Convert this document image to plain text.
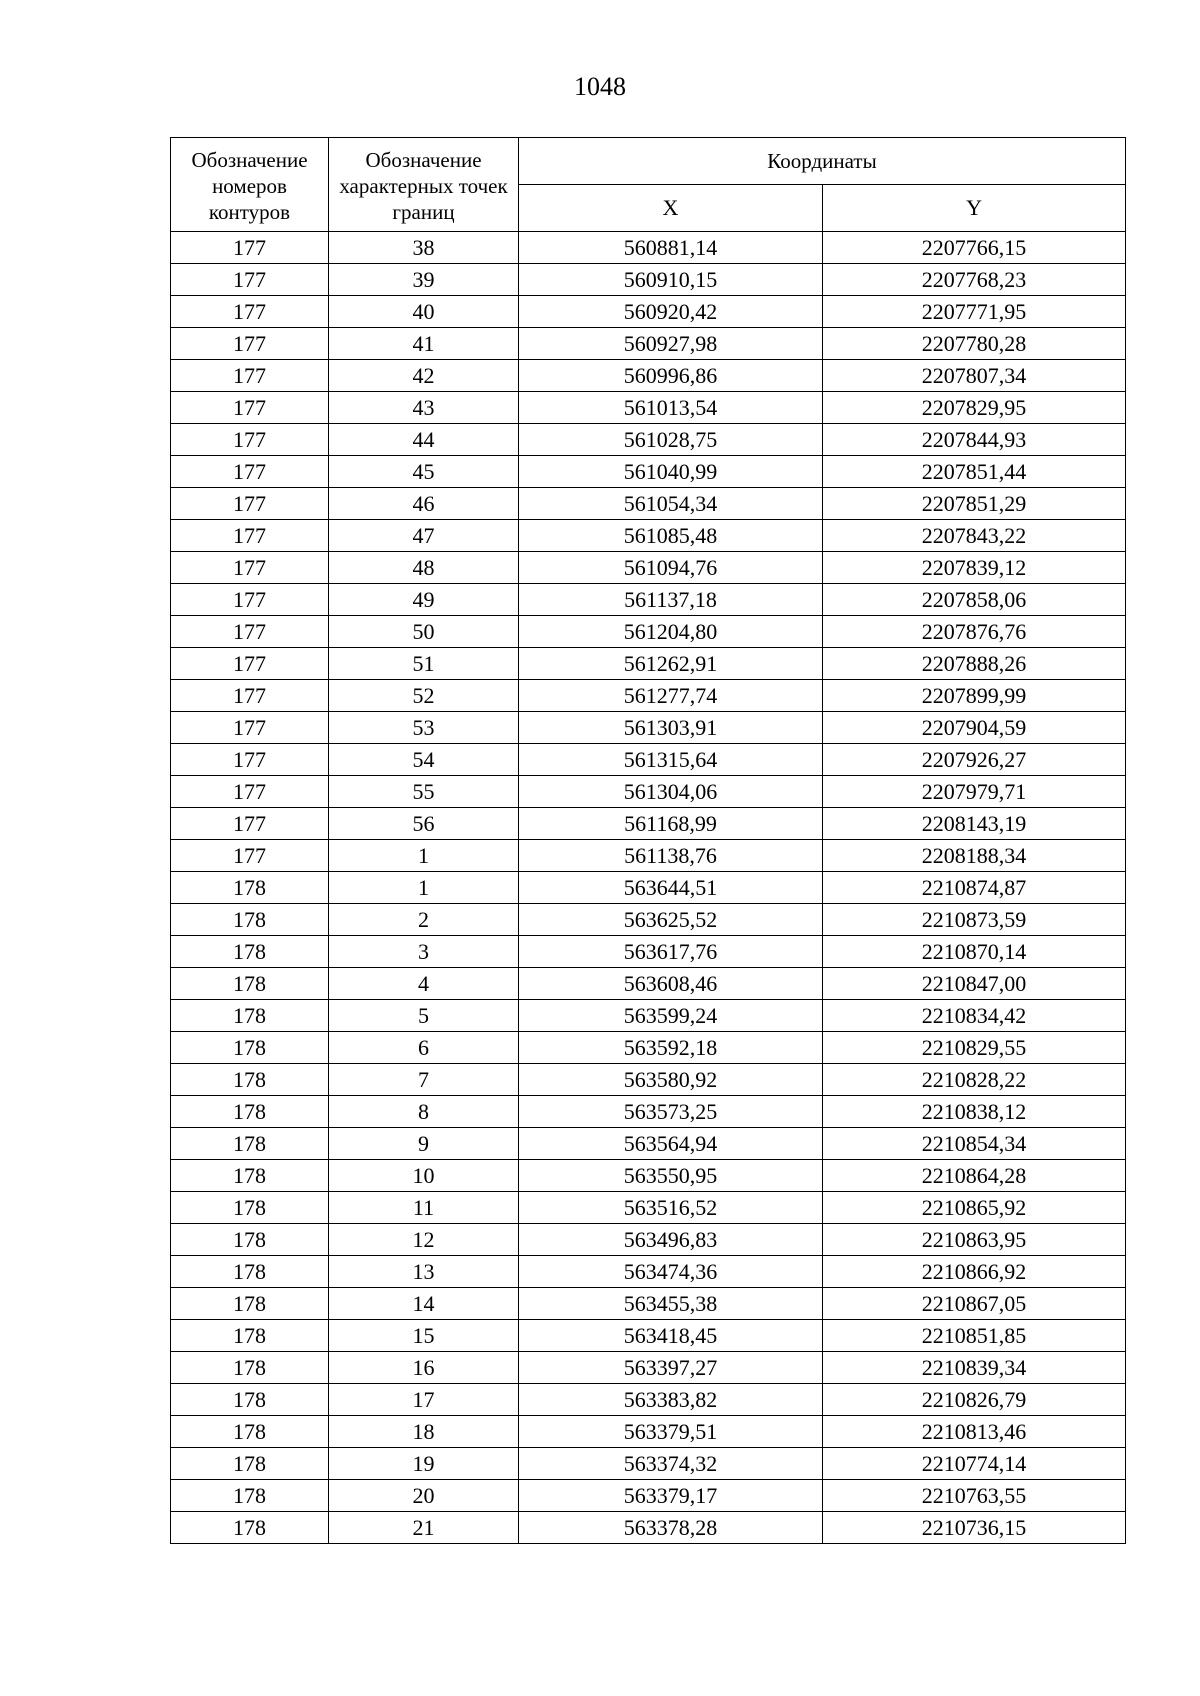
1048
Обозначение номеров контуров	Обозначение характерных точек границ	Координаты	
		X	Y
177	38	560881,14	2207766,15
177	39	560910,15	2207768,23
177	40	560920,42	2207771,95
177	41	560927,98	2207780,28
177	42	560996,86	2207807,34
177	43	561013,54	2207829,95
177	44	561028,75	2207844,93
177	45	561040,99	2207851,44
177	46	561054,34	2207851,29
177	47	561085,48	2207843,22
177	48	561094,76	2207839,12
177	49	561137,18	2207858,06
177	50	561204,80	2207876,76
177	51	561262,91	2207888,26
177	52	561277,74	2207899,99
177	53	561303,91	2207904,59
177	54	561315,64	2207926,27
177	55	561304,06	2207979,71
177	56	561168,99	2208143,19
177	1	561138,76	2208188,34
178	1	563644,51	2210874,87
178	2	563625,52	2210873,59
178	3	563617,76	2210870,14
178	4	563608,46	2210847,00
178	5	563599,24	2210834,42
178	6	563592,18	2210829,55
178	7	563580,92	2210828,22
178	8	563573,25	2210838,12
178	9	563564,94	2210854,34
178	10	563550,95	2210864,28
178	11	563516,52	2210865,92
178	12	563496,83	2210863,95
178	13	563474,36	2210866,92
178	14	563455,38	2210867,05
178	15	563418,45	2210851,85
178	16	563397,27	2210839,34
178	17	563383,82	2210826,79
178	18	563379,51	2210813,46
178	19	563374,32	2210774,14
178	20	563379,17	2210763,55
178	21	563378,28	2210736,15
